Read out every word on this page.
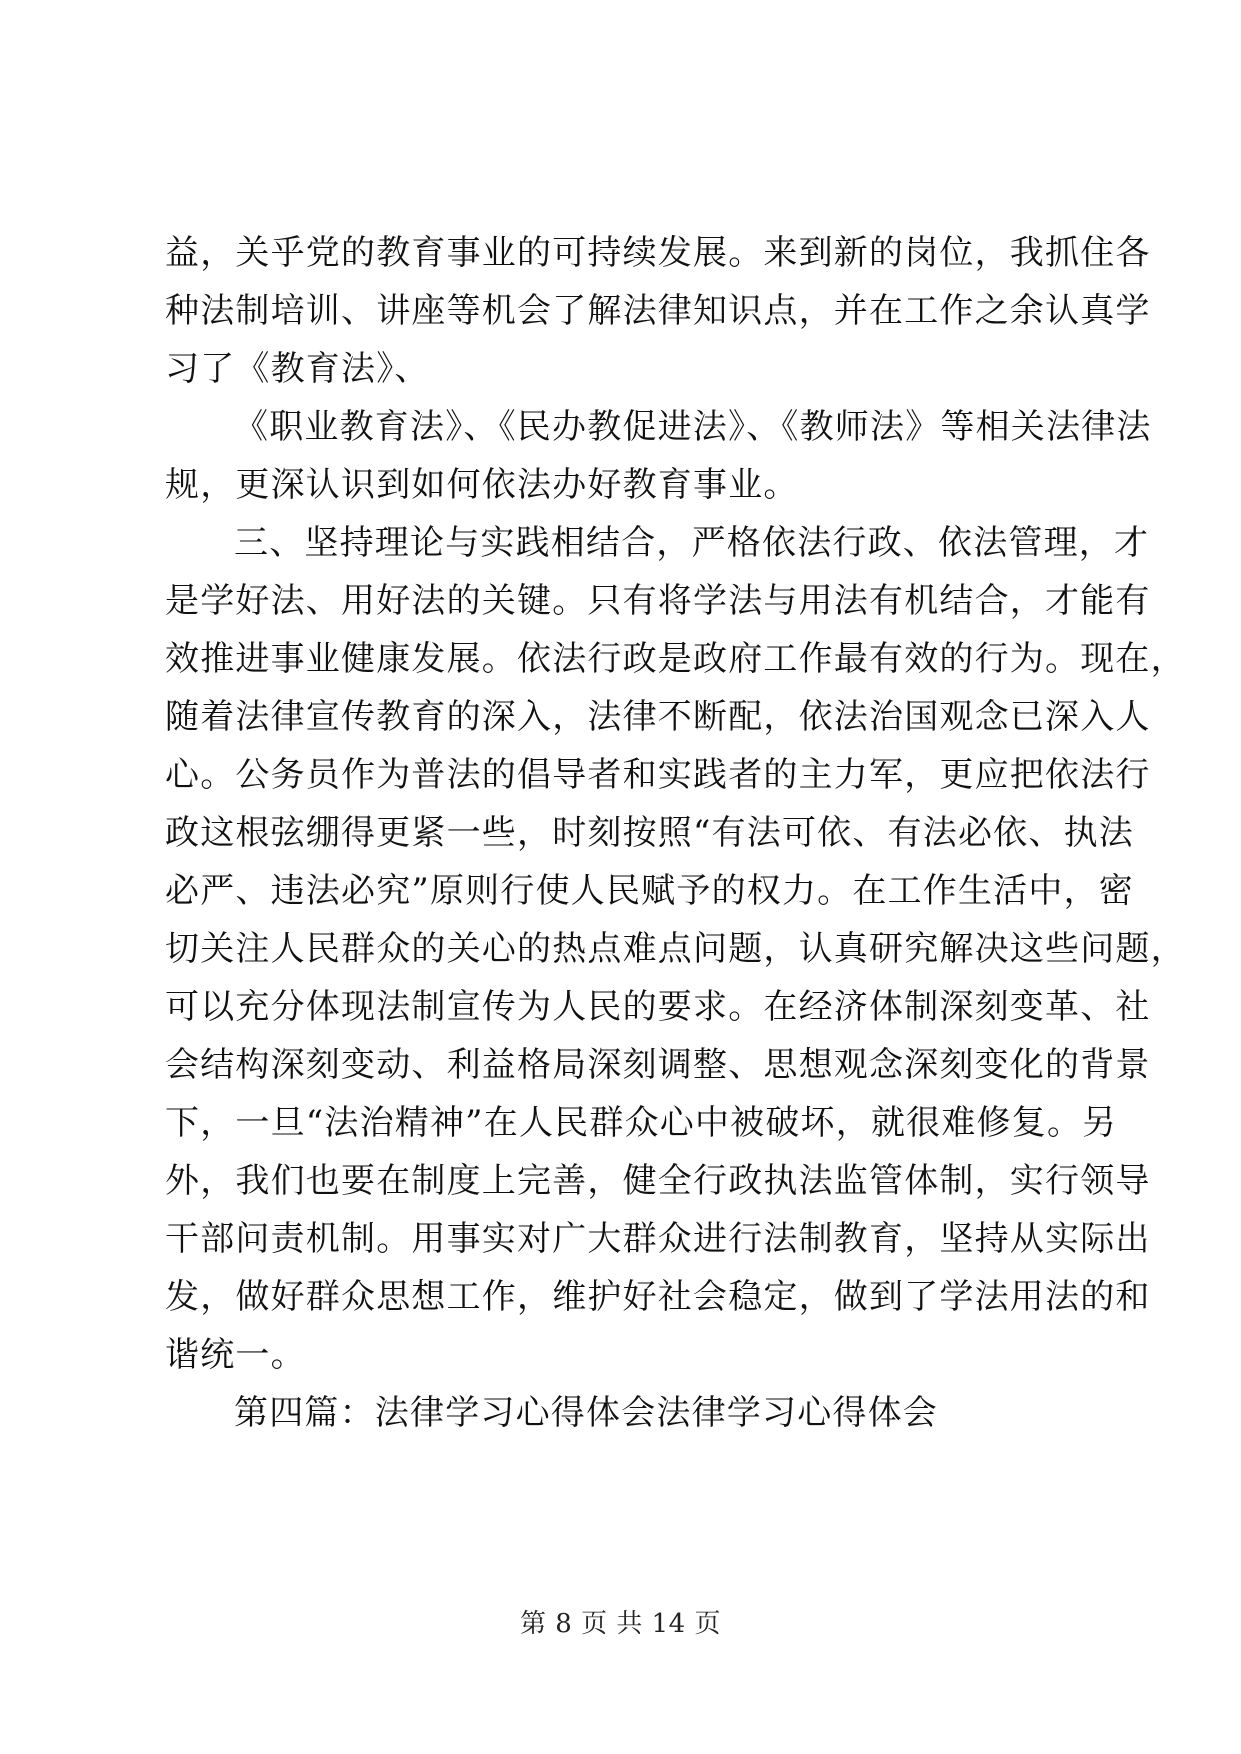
益，关乎党的教育事业的可持续发展。来到新的岗位，我抓住各
种法制培训、讲座等机会了解法律知识点，并在工作之余认真学
习了《教育法》、
《职业教育法》、《民办教促进法》、《教师法》等相关法律法
规，更深认识到如何依法办好教育事业。
三、坚持理论与实践相结合，严格依法行政、依法管理，才
是学好法、用好法的关键。只有将学法与用法有机结合，才能有
效推进事业健康发展。依法行政是政府工作最有效的行为。现在，
随着法律宣传教育的深入，法律不断配，依法治国观念已深入人
心。公务员作为普法的倡导者和实践者的主力军，更应把依法行
政这根弦绷得更紧一些，时刻按照“有法可依、有法必依、执法
必严、违法必究”原则行使人民赋予的权力。在工作生活中，密
切关注人民群众的关心的热点难点问题，认真研究解决这些问题，
可以充分体现法制宣传为人民的要求。在经济体制深刻变革、社
会结构深刻变动、利益格局深刻调整、思想观念深刻变化的背景
下，一旦“法治精神”在人民群众心中被破坏，就很难修复。另
外，我们也要在制度上完善，健全行政执法监管体制，实行领导
干部问责机制。用事实对广大群众进行法制教育，坚持从实际出
发，做好群众思想工作，维护好社会稳定，做到了学法用法的和
谐统一。
第四篇：法律学习心得体会法律学习心得体会
第 8 页 共 14 页
